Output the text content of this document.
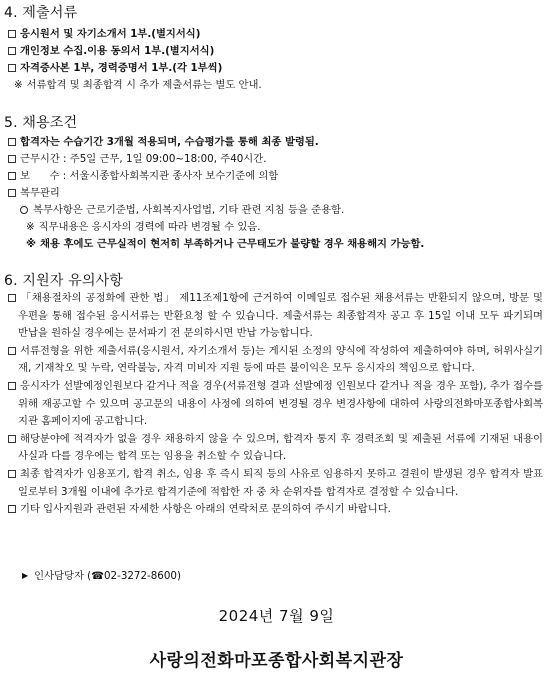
4. 제출서류
응시원서 및 자기소개서 1부.(별지서식)
개인정보 수집.이용 동의서 1부.(별지서식)
자격증사본 1부, 경력증명서 1부.(각 1부씩)
※ 서류합격 및 최종합격 시 추가 제출서류는 별도 안내.
5. 채용조건
합격자는 수습기간 3개월 적용되며, 수습평가를 통해 최종 발령됨.
근무시간 : 주5일 근무, 1일 09:00~18:00, 주40시간.
보      수 : 서울시종합사회복지관 종사자 보수기준에 의함
복무관리
복무사항은 근로기준법, 사회복지사업법, 기타 관련 지침 등을 준용함.
※ 직무내용은 응시자의 경력에 따라 변경될 수 있음.
※ 채용 후에도 근무실적이 현저히 부족하거나 근무태도가 불량할 경우 채용해지 가능함.
6. 지원자 유의사항
「채용절차의 공정화에 관한 법」 제11조제1항에 근거하여 이메일로 접수된 채용서류는 반환되지 않으며, 방문 및 우편을 통해 접수된 응시서류는 반환요청 할 수 있습니다. 제출서류는 최종합격자 공고 후 15일 이내 모두 파기되며 반납을 원하실 경우에는 문서파기 전 문의하시면 반납 가능합니다.
서류전형을 위한 제출서류(응시원서, 자기소개서 등)는 게시된 소정의 양식에 작성하여 제출하여야 하며, 허위사실기재, 기재착오 및 누락, 연락불능, 자격 미비자 지원 등에 따른 불이익은 모두 응시자의 책임으로 합니다.
응시자가 선발예정인원보다 같거나 적을 경우(서류전형 결과 선발예정 인원보다 같거나 적을 경우 포함), 추가 접수를 위해 재공고할 수 있으며 공고문의 내용이 사정에 의하여 변경될 경우 변경사항에 대하여 사랑의전화마포종합사회복지관 홈페이지에 공고합니다.
해당분야에 적격자가 없을 경우 채용하지 않을 수 있으며, 합격자 통지 후 경력조회 및 제출된 서류에 기재된 내용이 사실과 다를 경우에는 합격 또는 임용을 취소할 수 있습니다.
최종 합격자가 임용포기, 합격 취소, 임용 후 즉시 퇴직 등의 사유로 임용하지 못하고 결원이 발생된 경우 합격자 발표일로부터 3개월 이내에 추가로 합격기준에 적합한 자 중 차 순위자를 합격자로 결정할 수 있습니다.
기타 입사지원과 관련된 자세한 사항은 아래의 연락처로 문의하여 주시기 바랍니다.
▶ 인사담당자 (☎02-3272-8600)
2024년 7월 9일
사랑의전화마포종합사회복지관장
